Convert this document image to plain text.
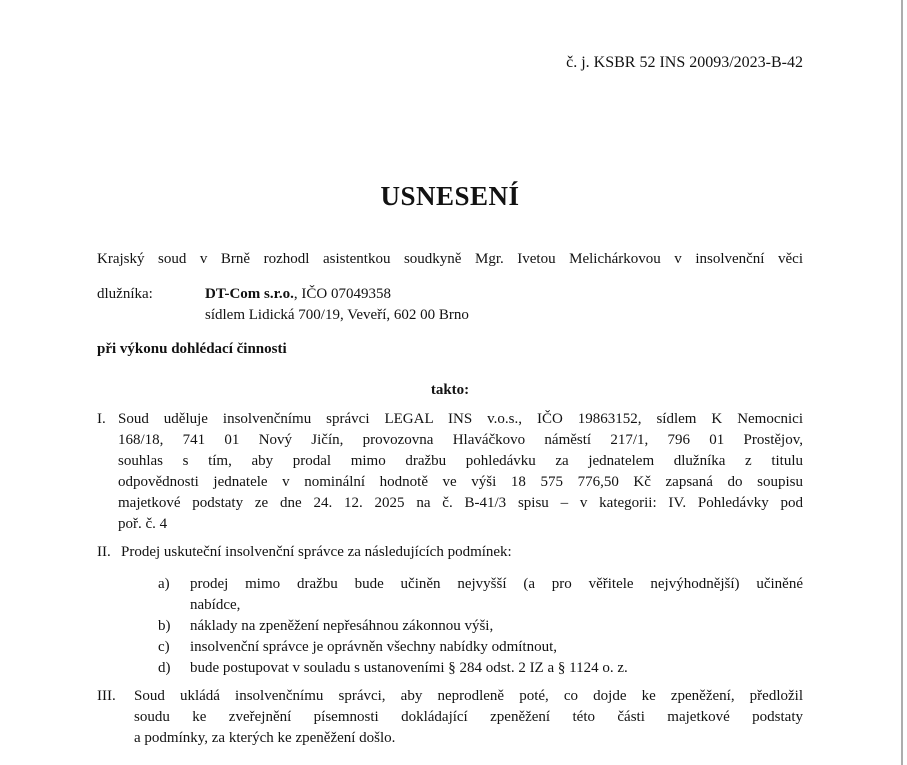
č. j. KSBR 52 INS 20093/2023-B-42
USNESENÍ
Krajský soud v Brně rozhodl asistentkou soudkyně Mgr. Ivetou Melichárkovou v insolvenční věci
dlužníka:	DT-Com s.r.o., IČO 07049358
sídlem Lidická 700/19, Veveří, 602 00 Brno
při výkonu dohlédací činnosti
takto:
I. Soud uděluje insolvenčnímu správci LEGAL INS v.o.s., IČO 19863152, sídlem K Nemocnici
168/18, 741 01 Nový Jičín, provozovna Hlaváčkovo náměstí 217/1, 796 01 Prostějov,
souhlas s tím, aby prodal mimo dražbu pohledávku za jednatelem dlužníka z titulu
odpovědnosti jednatele v nominální hodnotě ve výši 18 575 776,50 Kč zapsaná do soupisu
majetkové podstaty ze dne 24. 12. 2025 na č. B-41/3 spisu – v kategorii: IV. Pohledávky pod
poř. č. 4
II. Prodej uskuteční insolvenční správce za následujících podmínek:
a)	prodej mimo dražbu bude učiněn nejvyšší (a pro věřitele nejvýhodnější) učiněné
nabídce,
b)	náklady na zpeněžení nepřesáhnou zákonnou výši,
c)	insolvenční správce je oprávněn všechny nabídky odmítnout,
d)	bude postupovat v souladu s ustanoveními § 284 odst. 2 IZ a § 1124 o. z.
III.	Soud ukládá insolvenčnímu správci, aby neprodleně poté, co dojde ke zpeněžení, předložil
soudu ke zveřejnění písemnosti dokládající zpeněžení této části majetkové podstaty
a podmínky, za kterých ke zpeněžení došlo.
